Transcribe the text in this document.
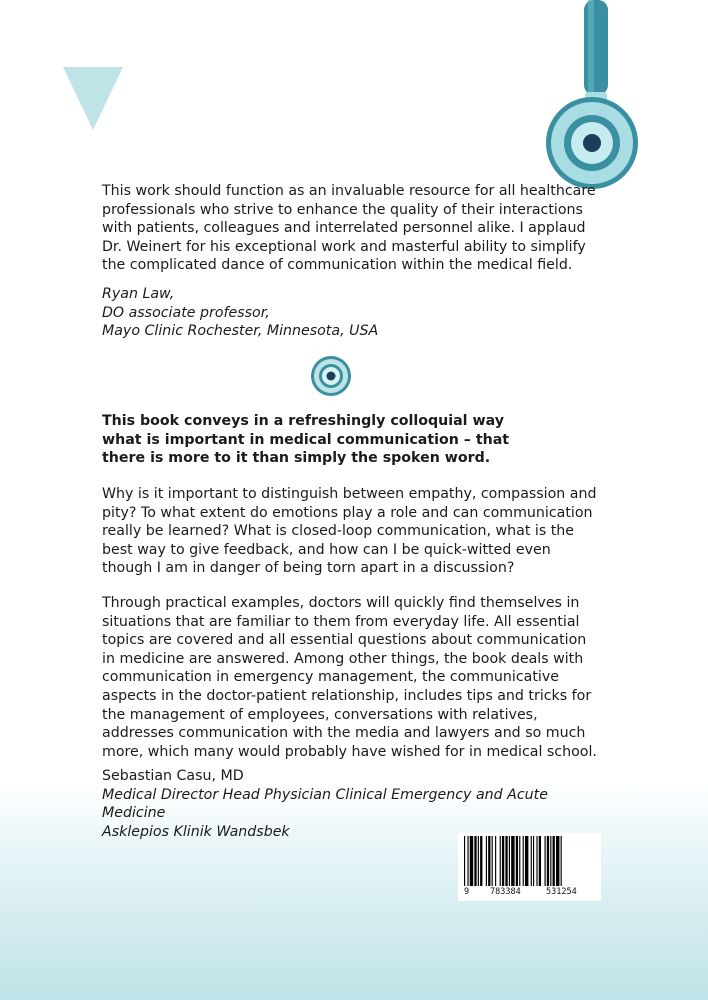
This work should function as an invaluable resource for all healthcare professionals who strive to enhance the quality of their interactions with patients, colleagues and interrelated personnel alike. I applaud Dr. Weinert for his exceptional work and masterful ability to simplify the complicated dance of communication within the medical field.

Ryan Law,
DO associate professor,
Mayo Clinic Rochester, Minnesota, USA

This book conveys in a refreshingly colloquial way what is important in medical communication – that there is more to it than simply the spoken word.

Why is it important to distinguish between empathy, compassion and pity? To what extent do emotions play a role and can communication really be learned? What is closed-loop communication, what is the best way to give feedback, and how can I be quick-witted even though I am in danger of being torn apart in a discussion?

Through practical examples, doctors will quickly find themselves in situations that are familiar to them from everyday life. All essential topics are covered and all essential questions about communication in medicine are answered. Among other things, the book deals with communication in emergency management, the communicative aspects in the doctor-patient relationship, includes tips and tricks for the management of employees, conversations with relatives, addresses communication with the media and lawyers and so much more, which many would probably have wished for in medical school.

Sebastian Casu, MD
Medical Director Head Physician Clinical Emergency and Acute Medicine
Asklepios Klinik Wandsbek
9 783384	531254
